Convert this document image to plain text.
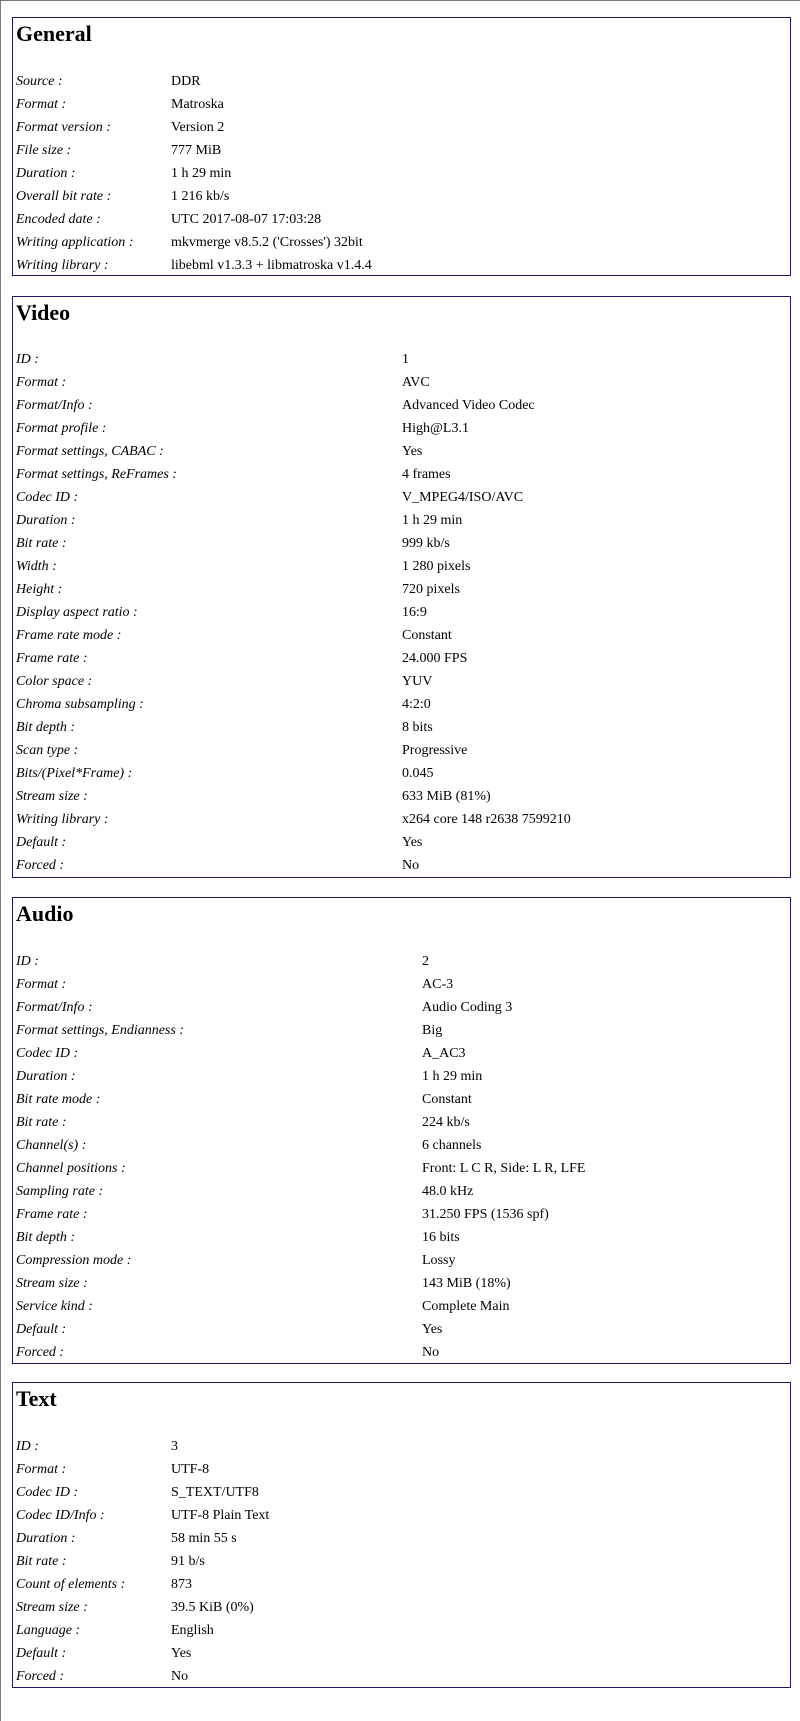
General
Source :	DDR
Format :	Matroska
Format version :	Version 2
File size :	777 MiB
Duration :	1 h 29 min
Overall bit rate :	1 216 kb/s
Encoded date :	UTC 2017-08-07 17:03:28
Writing application :	mkvmerge v8.5.2 ('Crosses') 32bit
Writing library :	libebml v1.3.3 + libmatroska v1.4.4
Video
ID :	1
Format :	AVC
Format/Info :	Advanced Video Codec
Format profile :	High@L3.1
Format settings, CABAC :	Yes
Format settings, ReFrames :	4 frames
Codec ID :	V_MPEG4/ISO/AVC
Duration :	1 h 29 min
Bit rate :	999 kb/s
Width :	1 280 pixels
Height :	720 pixels
Display aspect ratio :	16:9
Frame rate mode :	Constant
Frame rate :	24.000 FPS
Color space :	YUV
Chroma subsampling :	4:2:0
Bit depth :	8 bits
Scan type :	Progressive
Bits/(Pixel*Frame) :	0.045
Stream size :	633 MiB (81%)
Writing library :	x264 core 148 r2638 7599210
Default :	Yes
Forced :	No
Audio
ID :	2
Format :	AC-3
Format/Info :	Audio Coding 3
Format settings, Endianness :	Big
Codec ID :	A_AC3
Duration :	1 h 29 min
Bit rate mode :	Constant
Bit rate :	224 kb/s
Channel(s) :	6 channels
Channel positions :	Front: L C R, Side: L R, LFE
Sampling rate :	48.0 kHz
Frame rate :	31.250 FPS (1536 spf)
Bit depth :	16 bits
Compression mode :	Lossy
Stream size :	143 MiB (18%)
Service kind :	Complete Main
Default :	Yes
Forced :	No
Text
ID :	3
Format :	UTF-8
Codec ID :	S_TEXT/UTF8
Codec ID/Info :	UTF-8 Plain Text
Duration :	58 min 55 s
Bit rate :	91 b/s
Count of elements :	873
Stream size :	39.5 KiB (0%)
Language :	English
Default :	Yes
Forced :	No
